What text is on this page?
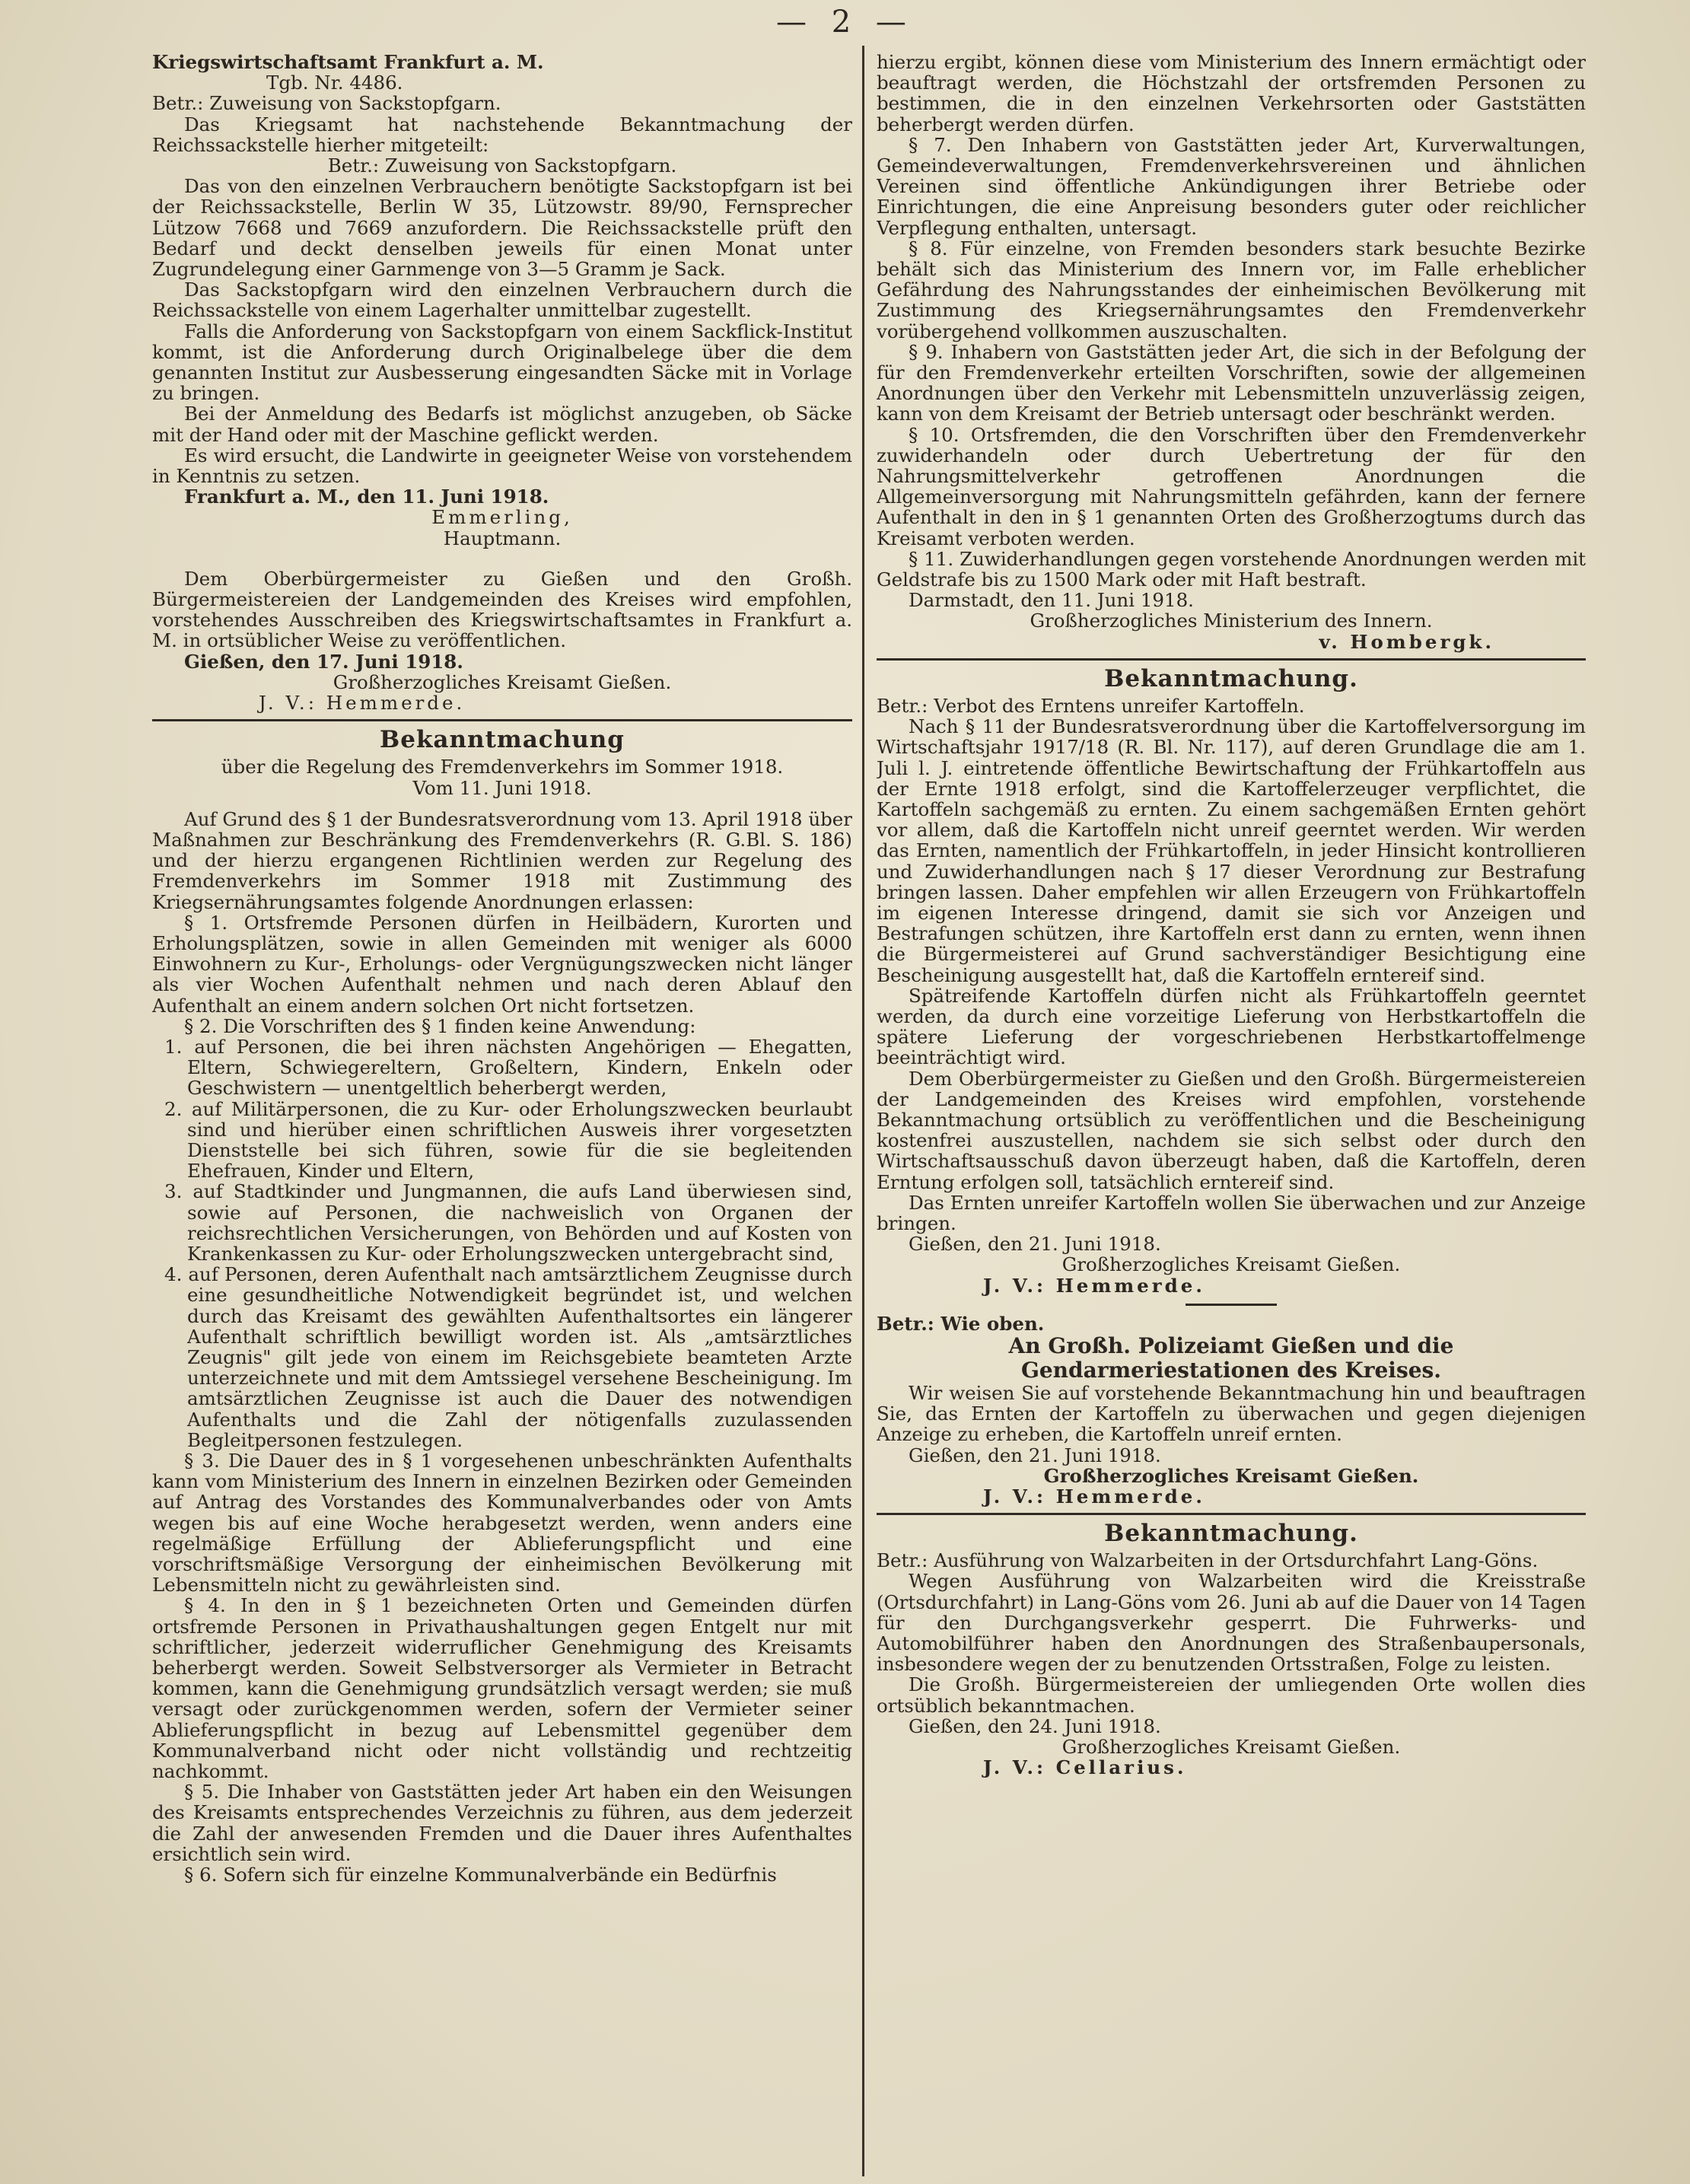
— 2 —

Kriegswirtschaftsamt Frankfurt a. M.

Tgb. Nr. 4486.

Betr.: Zuweisung von Sackstopfgarn.

Das Kriegsamt hat nachstehende Bekanntmachung der Reichssackstelle hierher mitgeteilt:

Betr.: Zuweisung von Sackstopfgarn.

Das von den einzelnen Verbrauchern benötigte Sackstopfgarn ist bei der Reichssackstelle, Berlin W 35, Lützowstr. 89/90, Fernsprecher Lützow 7668 und 7669 anzufordern. Die Reichssackstelle prüft den Bedarf und deckt denselben jeweils für einen Monat unter Zugrundelegung einer Garnmenge von 3—5 Gramm je Sack.

Das Sackstopfgarn wird den einzelnen Verbrauchern durch die Reichssackstelle von einem Lagerhalter unmittelbar zugestellt.

Falls die Anforderung von Sackstopfgarn von einem Sackflick-Institut kommt, ist die Anforderung durch Originalbelege über die dem genannten Institut zur Ausbesserung eingesandten Säcke mit in Vorlage zu bringen.

Bei der Anmeldung des Bedarfs ist möglichst anzugeben, ob Säcke mit der Hand oder mit der Maschine geflickt werden.

Es wird ersucht, die Landwirte in geeigneter Weise von vorstehendem in Kenntnis zu setzen.

Frankfurt a. M., den 11. Juni 1918.

Emmerling,

Hauptmann.

Dem Oberbürgermeister zu Gießen und den Großh. Bürgermeistereien der Landgemeinden des Kreises wird empfohlen, vorstehendes Ausschreiben des Kriegswirtschaftsamtes in Frankfurt a. M. in ortsüblicher Weise zu veröffentlichen.

Gießen, den 17. Juni 1918.

Großherzogliches Kreisamt Gießen.

J. V.: Hemmerde.

Bekanntmachung

über die Regelung des Fremdenverkehrs im Sommer 1918.

Vom 11. Juni 1918.

Auf Grund des § 1 der Bundesratsverordnung vom 13. April 1918 über Maßnahmen zur Beschränkung des Fremdenverkehrs (R. G.Bl. S. 186) und der hierzu ergangenen Richtlinien werden zur Regelung des Fremdenverkehrs im Sommer 1918 mit Zustimmung des Kriegsernährungsamtes folgende Anordnungen erlassen:

§ 1. Ortsfremde Personen dürfen in Heilbädern, Kurorten und Erholungsplätzen, sowie in allen Gemeinden mit weniger als 6000 Einwohnern zu Kur-, Erholungs- oder Vergnügungszwecken nicht länger als vier Wochen Aufenthalt nehmen und nach deren Ablauf den Aufenthalt an einem andern solchen Ort nicht fortsetzen.

§ 2. Die Vorschriften des § 1 finden keine Anwendung:

1. auf Personen, die bei ihren nächsten Angehörigen — Ehegatten, Eltern, Schwiegereltern, Großeltern, Kindern, Enkeln oder Geschwistern — unentgeltlich beherbergt werden,

2. auf Militärpersonen, die zu Kur- oder Erholungszwecken beurlaubt sind und hierüber einen schriftlichen Ausweis ihrer vorgesetzten Dienststelle bei sich führen, sowie für die sie begleitenden Ehefrauen, Kinder und Eltern,

3. auf Stadtkinder und Jungmannen, die aufs Land überwiesen sind, sowie auf Personen, die nachweislich von Organen der reichsrechtlichen Versicherungen, von Behörden und auf Kosten von Krankenkassen zu Kur- oder Erholungszwecken untergebracht sind,

4. auf Personen, deren Aufenthalt nach amtsärztlichem Zeugnisse durch eine gesundheitliche Notwendigkeit begründet ist, und welchen durch das Kreisamt des gewählten Aufenthaltsortes ein längerer Aufenthalt schriftlich bewilligt worden ist. Als „amtsärztliches Zeugnis" gilt jede von einem im Reichsgebiete beamteten Arzte unterzeichnete und mit dem Amtssiegel versehene Bescheinigung. Im amtsärztlichen Zeugnisse ist auch die Dauer des notwendigen Aufenthalts und die Zahl der nötigenfalls zuzulassenden Begleitpersonen festzulegen.

§ 3. Die Dauer des in § 1 vorgesehenen unbeschränkten Aufenthalts kann vom Ministerium des Innern in einzelnen Bezirken oder Gemeinden auf Antrag des Vorstandes des Kommunalverbandes oder von Amts wegen bis auf eine Woche herabgesetzt werden, wenn anders eine regelmäßige Erfüllung der Ablieferungspflicht und eine vorschriftsmäßige Versorgung der einheimischen Bevölkerung mit Lebensmitteln nicht zu gewährleisten sind.

§ 4. In den in § 1 bezeichneten Orten und Gemeinden dürfen ortsfremde Personen in Privathaushaltungen gegen Entgelt nur mit schriftlicher, jederzeit widerruflicher Genehmigung des Kreisamts beherbergt werden. Soweit Selbstversorger als Vermieter in Betracht kommen, kann die Genehmigung grundsätzlich versagt werden; sie muß versagt oder zurückgenommen werden, sofern der Vermieter seiner Ablieferungspflicht in bezug auf Lebensmittel gegenüber dem Kommunalverband nicht oder nicht vollständig und rechtzeitig nachkommt.

§ 5. Die Inhaber von Gaststätten jeder Art haben ein den Weisungen des Kreisamts entsprechendes Verzeichnis zu führen, aus dem jederzeit die Zahl der anwesenden Fremden und die Dauer ihres Aufenthaltes ersichtlich sein wird.

§ 6. Sofern sich für einzelne Kommunalverbände ein Bedürfnis

hierzu ergibt, können diese vom Ministerium des Innern ermächtigt oder beauftragt werden, die Höchstzahl der ortsfremden Personen zu bestimmen, die in den einzelnen Verkehrsorten oder Gaststätten beherbergt werden dürfen.

§ 7. Den Inhabern von Gaststätten jeder Art, Kurverwaltungen, Gemeindeverwaltungen, Fremdenverkehrsvereinen und ähnlichen Vereinen sind öffentliche Ankündigungen ihrer Betriebe oder Einrichtungen, die eine Anpreisung besonders guter oder reichlicher Verpflegung enthalten, untersagt.

§ 8. Für einzelne, von Fremden besonders stark besuchte Bezirke behält sich das Ministerium des Innern vor, im Falle erheblicher Gefährdung des Nahrungsstandes der einheimischen Bevölkerung mit Zustimmung des Kriegsernährungsamtes den Fremdenverkehr vorübergehend vollkommen auszuschalten.

§ 9. Inhabern von Gaststätten jeder Art, die sich in der Befolgung der für den Fremdenverkehr erteilten Vorschriften, sowie der allgemeinen Anordnungen über den Verkehr mit Lebensmitteln unzuverlässig zeigen, kann von dem Kreisamt der Betrieb untersagt oder beschränkt werden.

§ 10. Ortsfremden, die den Vorschriften über den Fremdenverkehr zuwiderhandeln oder durch Uebertretung der für den Nahrungsmittelverkehr getroffenen Anordnungen die Allgemeinversorgung mit Nahrungsmitteln gefährden, kann der fernere Aufenthalt in den in § 1 genannten Orten des Großherzogtums durch das Kreisamt verboten werden.

§ 11. Zuwiderhandlungen gegen vorstehende Anordnungen werden mit Geldstrafe bis zu 1500 Mark oder mit Haft bestraft.

Darmstadt, den 11. Juni 1918.

Großherzogliches Ministerium des Innern.

v. Hombergk.

Bekanntmachung.

Betr.: Verbot des Erntens unreifer Kartoffeln.

Nach § 11 der Bundesratsverordnung über die Kartoffelversorgung im Wirtschaftsjahr 1917/18 (R. Bl. Nr. 117), auf deren Grundlage die am 1. Juli l. J. eintretende öffentliche Bewirtschaftung der Frühkartoffeln aus der Ernte 1918 erfolgt, sind die Kartoffelerzeuger verpflichtet, die Kartoffeln sachgemäß zu ernten. Zu einem sachgemäßen Ernten gehört vor allem, daß die Kartoffeln nicht unreif geerntet werden. Wir werden das Ernten, namentlich der Frühkartoffeln, in jeder Hinsicht kontrollieren und Zuwiderhandlungen nach § 17 dieser Verordnung zur Bestrafung bringen lassen. Daher empfehlen wir allen Erzeugern von Frühkartoffeln im eigenen Interesse dringend, damit sie sich vor Anzeigen und Bestrafungen schützen, ihre Kartoffeln erst dann zu ernten, wenn ihnen die Bürgermeisterei auf Grund sachverständiger Besichtigung eine Bescheinigung ausgestellt hat, daß die Kartoffeln erntereif sind.

Spätreifende Kartoffeln dürfen nicht als Frühkartoffeln geerntet werden, da durch eine vorzeitige Lieferung von Herbstkartoffeln die spätere Lieferung der vorgeschriebenen Herbstkartoffelmenge beeinträchtigt wird.

Dem Oberbürgermeister zu Gießen und den Großh. Bürgermeistereien der Landgemeinden des Kreises wird empfohlen, vorstehende Bekanntmachung ortsüblich zu veröffentlichen und die Bescheinigung kostenfrei auszustellen, nachdem sie sich selbst oder durch den Wirtschaftsausschuß davon überzeugt haben, daß die Kartoffeln, deren Erntung erfolgen soll, tatsächlich erntereif sind.

Das Ernten unreifer Kartoffeln wollen Sie überwachen und zur Anzeige bringen.

Gießen, den 21. Juni 1918.

Großherzogliches Kreisamt Gießen.

J. V.: Hemmerde.

Betr.: Wie oben.

An Großh. Polizeiamt Gießen und die Gendarmeriestationen des Kreises.

Wir weisen Sie auf vorstehende Bekanntmachung hin und beauftragen Sie, das Ernten der Kartoffeln zu überwachen und gegen diejenigen Anzeige zu erheben, die Kartoffeln unreif ernten.

Gießen, den 21. Juni 1918.

Großherzogliches Kreisamt Gießen.

J. V.: Hemmerde.

Bekanntmachung.

Betr.: Ausführung von Walzarbeiten in der Ortsdurchfahrt Lang-Göns.

Wegen Ausführung von Walzarbeiten wird die Kreisstraße (Ortsdurchfahrt) in Lang-Göns vom 26. Juni ab auf die Dauer von 14 Tagen für den Durchgangsverkehr gesperrt. Die Fuhrwerks- und Automobilführer haben den Anordnungen des Straßenbaupersonals, insbesondere wegen der zu benutzenden Ortsstraßen, Folge zu leisten.

Die Großh. Bürgermeistereien der umliegenden Orte wollen dies ortsüblich bekanntmachen.

Gießen, den 24. Juni 1918.

Großherzogliches Kreisamt Gießen.

J. V.: Cellarius.
